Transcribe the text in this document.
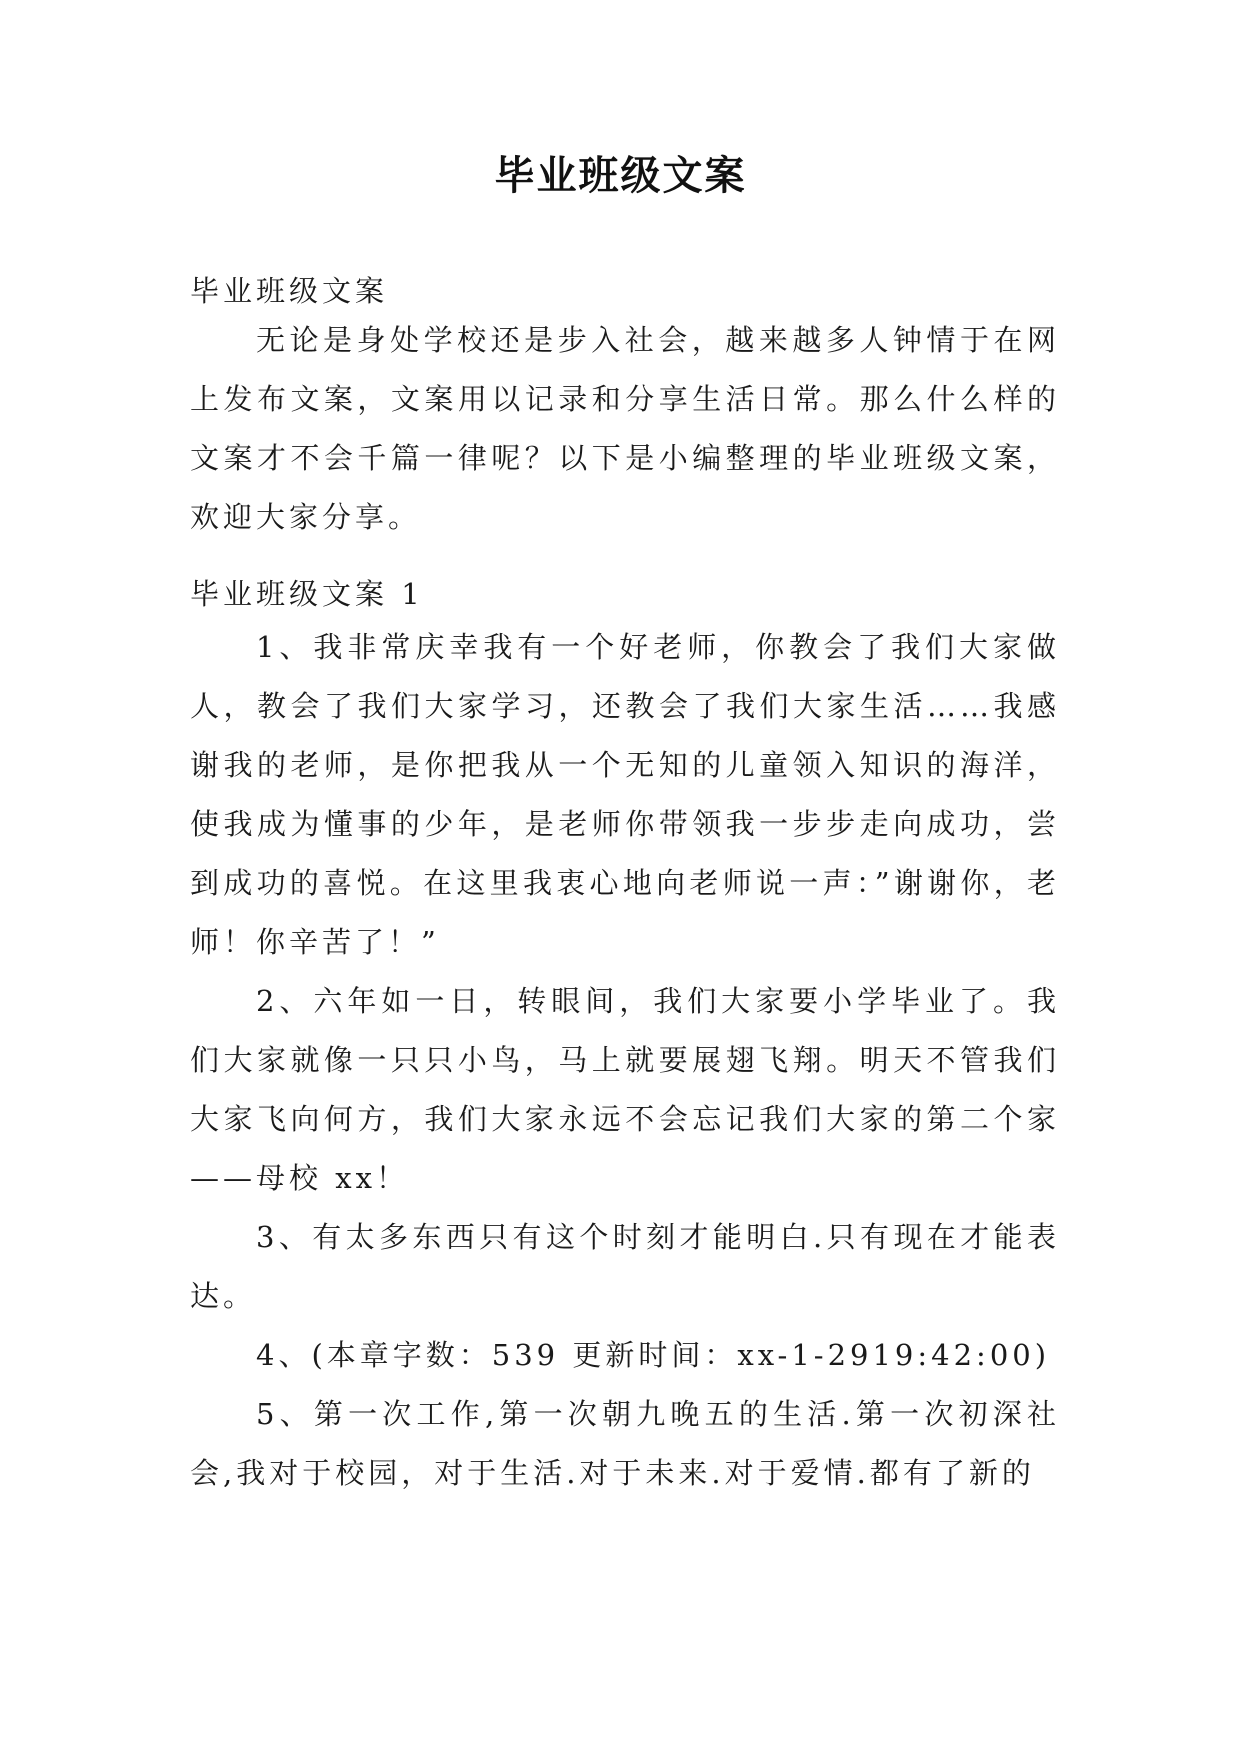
毕业班级文案
毕业班级文案

无论是身处学校还是步入社会，越来越多人钟情于在网上发布文案，文案用以记录和分享生活日常。那么什么样的文案才不会千篇一律呢？以下是小编整理的毕业班级文案，欢迎大家分享。

毕业班级文案 1

1、我非常庆幸我有一个好老师，你教会了我们大家做人，教会了我们大家学习，还教会了我们大家生活……我感谢我的老师，是你把我从一个无知的儿童领入知识的海洋，使我成为懂事的少年，是老师你带领我一步步走向成功，尝到成功的喜悦。在这里我衷心地向老师说一声：”谢谢你，老师！你辛苦了！”

2、六年如一日，转眼间，我们大家要小学毕业了。我们大家就像一只只小鸟，马上就要展翅飞翔。明天不管我们大家飞向何方，我们大家永远不会忘记我们大家的第二个家——母校 xx！

3、有太多东西只有这个时刻才能明白.只有现在才能表达。

4、(本章字数：539 更新时间：xx-1-2919:42:00)

5、第一次工作,第一次朝九晚五的生活.第一次初深社会,我对于校园，对于生活.对于未来.对于爱情.都有了新的
